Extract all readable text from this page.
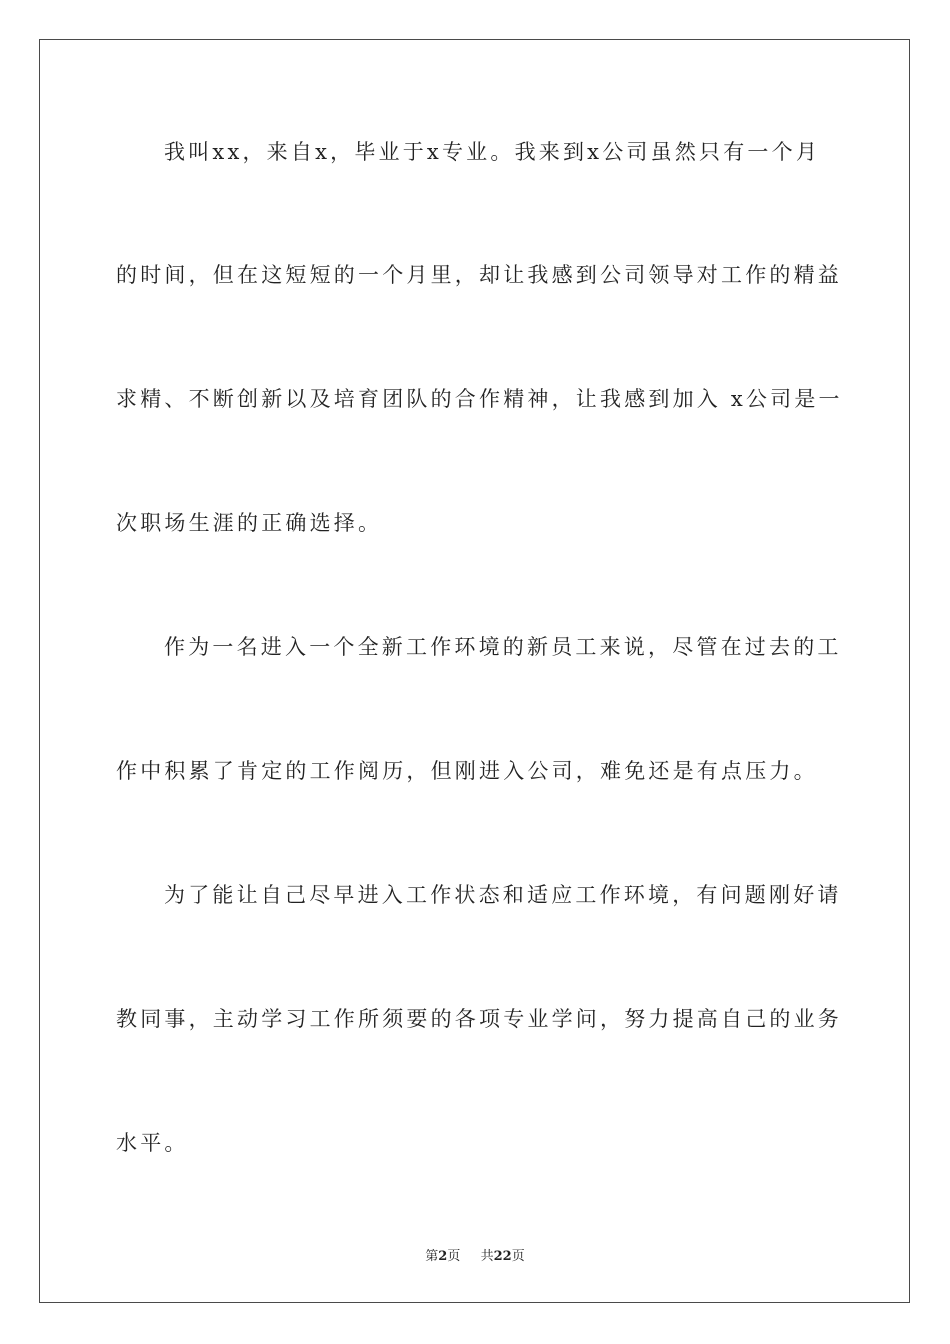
我叫xx，来自x，毕业于x专业。我来到x公司虽然只有一个月
的时间，但在这短短的一个月里，却让我感到公司领导对工作的精益
求精、不断创新以及培育团队的合作精神，让我感到加入 x公司是一
次职场生涯的正确选择。
作为一名进入一个全新工作环境的新员工来说，尽管在过去的工
作中积累了肯定的工作阅历，但刚进入公司，难免还是有点压力。
为了能让自己尽早进入工作状态和适应工作环境，有问题刚好请
教同事，主动学习工作所须要的各项专业学问，努力提高自己的业务
水平。
第2页 共22页
